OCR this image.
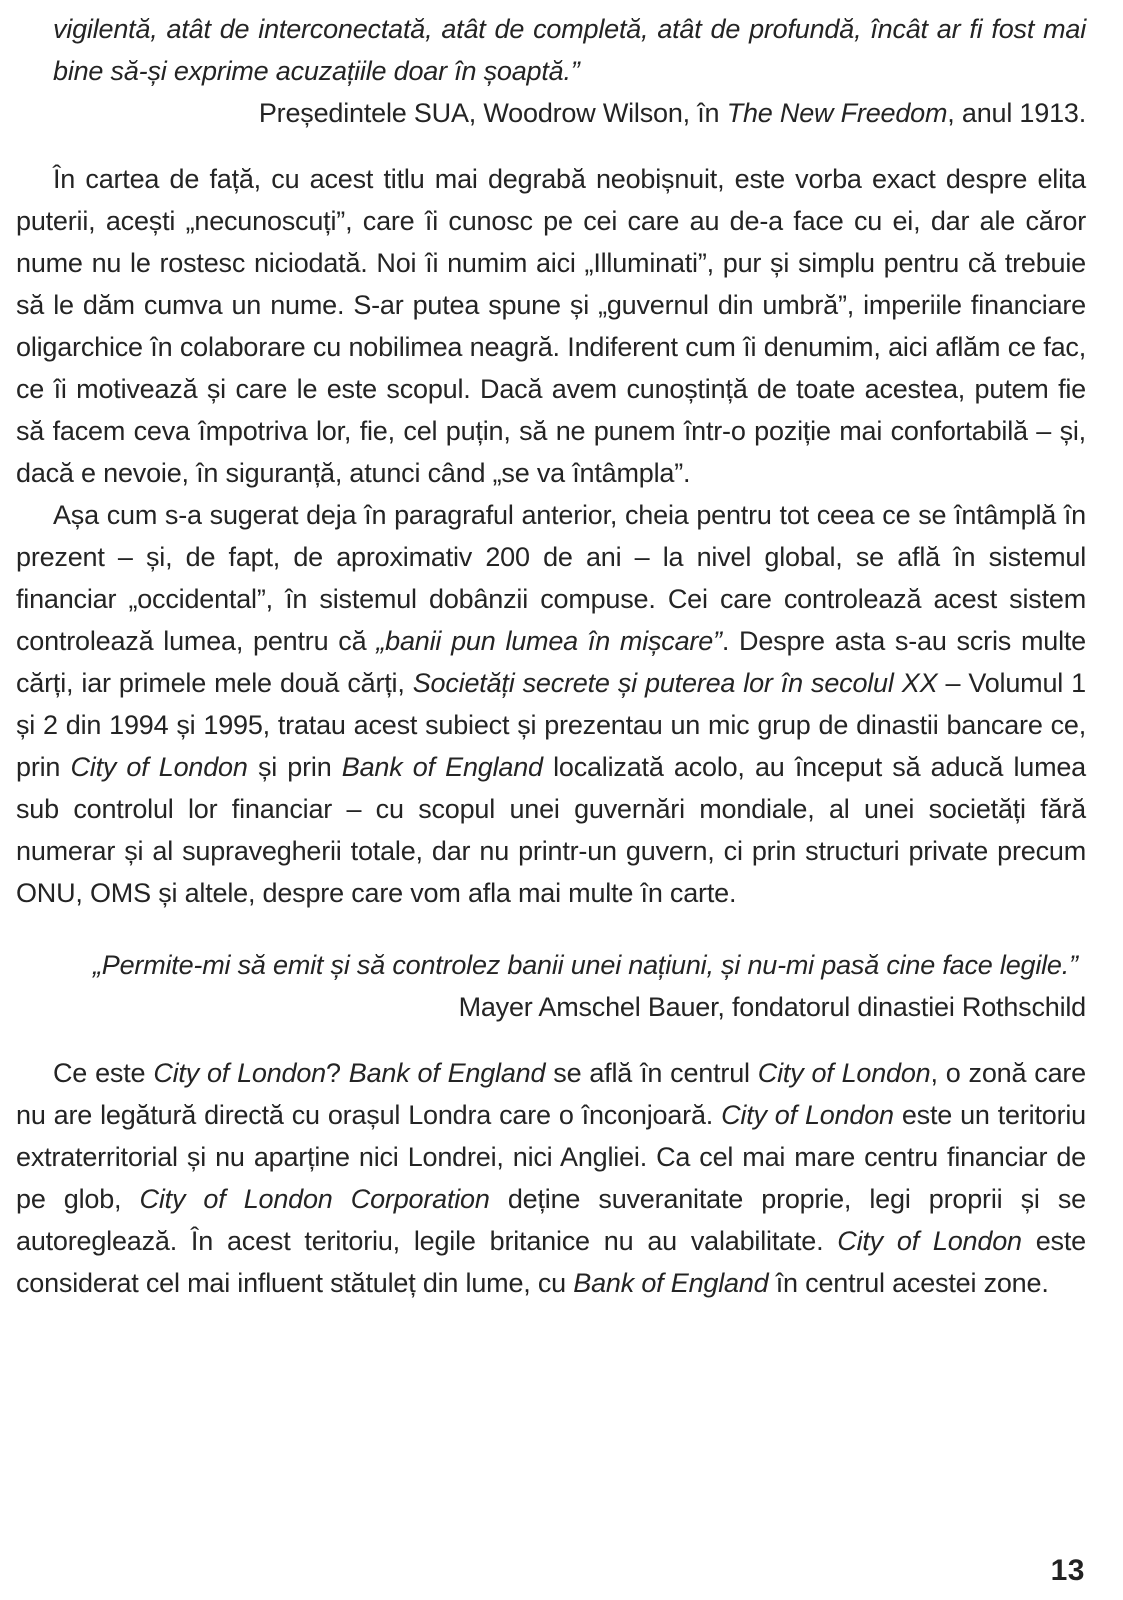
vigilentă, atât de interconectată, atât de completă, atât de profundă, încât ar fi fost mai bine să-și exprime acuzațiile doar în șoaptă.”
Președintele SUA, Woodrow Wilson, în The New Freedom, anul 1913.
În cartea de față, cu acest titlu mai degrabă neobișnuit, este vorba exact despre elita puterii, acești „necunoscuți”, care îi cunosc pe cei care au de-a face cu ei, dar ale căror nume nu le rostesc niciodată. Noi îi numim aici „Illuminati”, pur și simplu pentru că trebuie să le dăm cumva un nume. S-ar putea spune și „guvernul din umbră”, imperiile financiare oligarchice în colaborare cu nobilimea neagră. Indiferent cum îi denumim, aici aflăm ce fac, ce îi motivează și care le este scopul. Dacă avem cunoștință de toate acestea, putem fie să facem ceva împotriva lor, fie, cel puțin, să ne punem într-o poziție mai confortabilă – și, dacă e nevoie, în siguranță, atunci când „se va întâmpla”.
Așa cum s-a sugerat deja în paragraful anterior, cheia pentru tot ceea ce se întâmplă în prezent – și, de fapt, de aproximativ 200 de ani – la nivel global, se află în sistemul financiar „occidental”, în sistemul dobânzii compuse. Cei care controlează acest sistem controlează lumea, pentru că „banii pun lumea în mișcare”. Despre asta s-au scris multe cărți, iar primele mele două cărți, Societăți secrete și puterea lor în secolul XX – Volumul 1 și 2 din 1994 și 1995, tratau acest subiect și prezentau un mic grup de dinastii bancare ce, prin City of London și prin Bank of England localizată acolo, au început să aducă lumea sub controlul lor financiar – cu scopul unei guvernări mondiale, al unei societăți fără numerar și al supravegherii totale, dar nu printr-un guvern, ci prin structuri private precum ONU, OMS și altele, despre care vom afla mai multe în carte.
„Permite-mi să emit și să controlez banii unei națiuni, și nu-mi pasă cine face legile.”
Mayer Amschel Bauer, fondatorul dinastiei Rothschild
Ce este City of London? Bank of England se află în centrul City of London, o zonă care nu are legătură directă cu orașul Londra care o înconjoară. City of London este un teritoriu extraterritorial și nu aparține nici Londrei, nici Angliei. Ca cel mai mare centru financiar de pe glob, City of London Corporation deține suveranitate proprie, legi proprii și se autoreglează. În acest teritoriu, legile britanice nu au valabilitate. City of London este considerat cel mai influent stătuleț din lume, cu Bank of England în centrul acestei zone.
13
